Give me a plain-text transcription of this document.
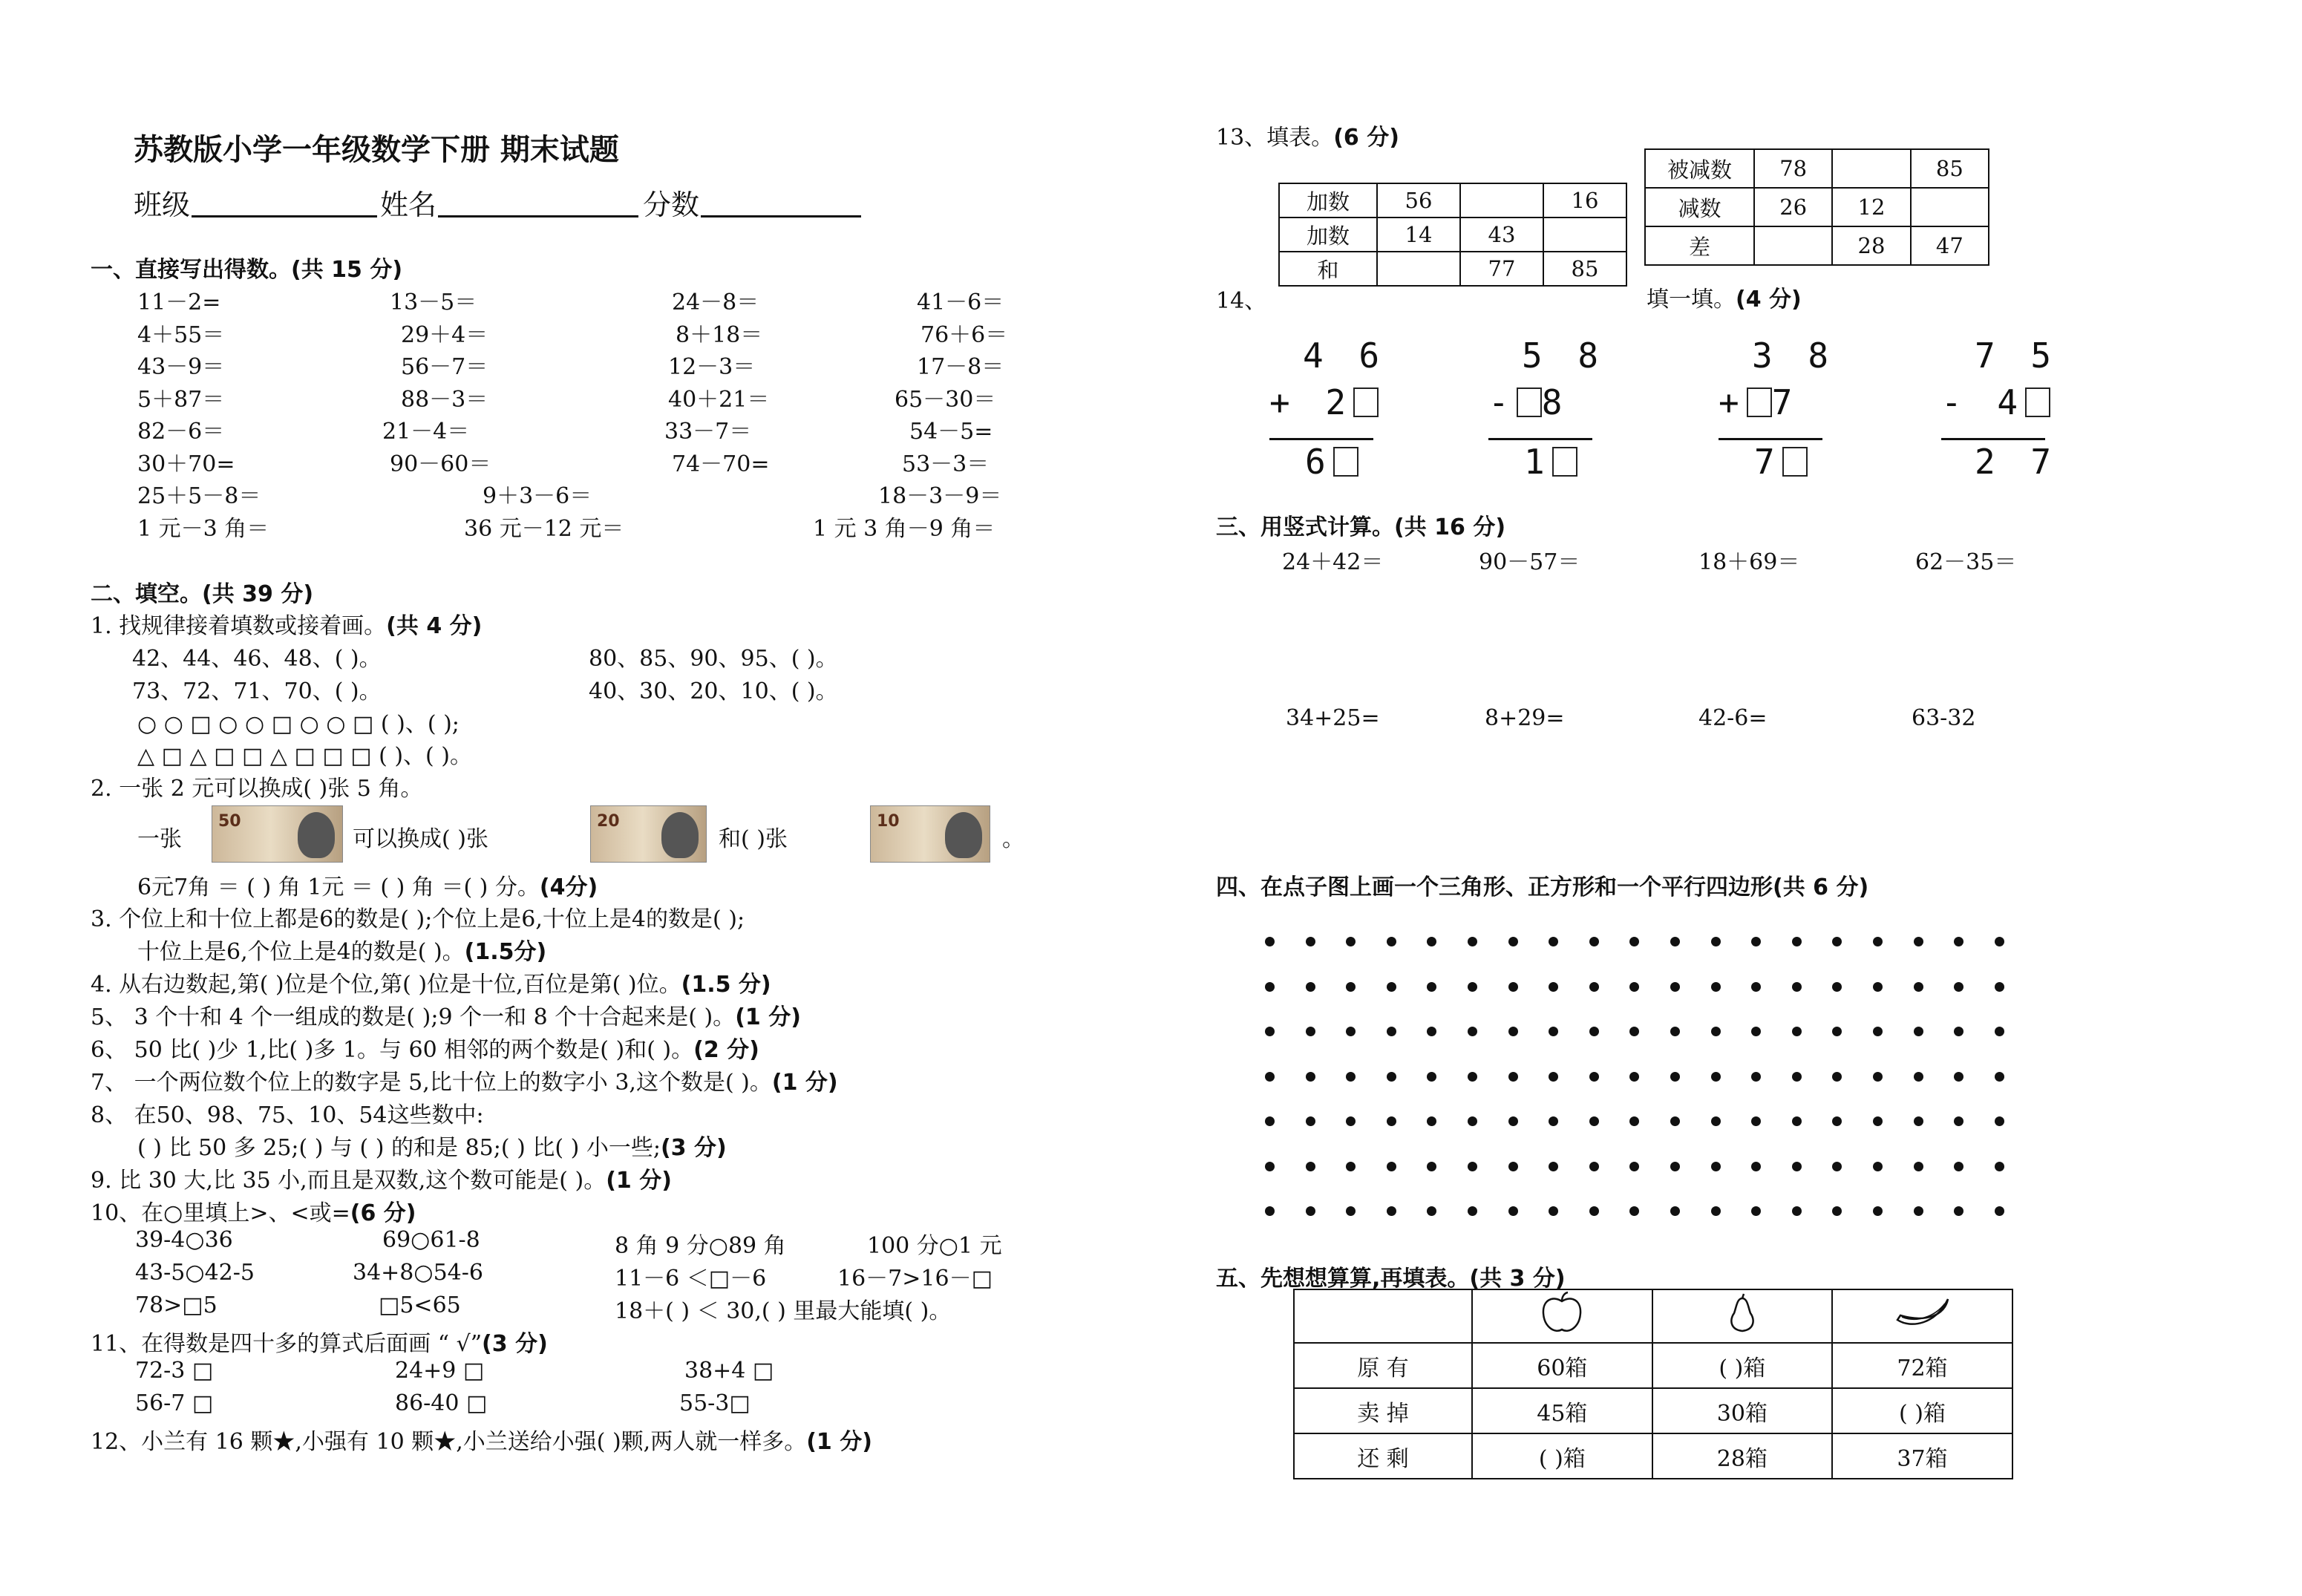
苏教版小学一年级数学下册 期末试题
班级	姓名	分数
一、直接写出得数。(共 15 分)
11－2=	13－5＝	24－8＝	41－6＝
4＋55＝	29＋4＝	8＋18＝	76＋6＝
43－9＝	56－7＝	12－3＝	17－8＝
5＋87＝	88－3＝	40＋21＝	65－30＝
82－6＝	21－4＝	33－7＝	54－5=
30＋70=	90－60＝	74－70=	53－3＝
25＋5－8＝	9＋3－6＝	18－3－9＝
1 元－3 角＝	36 元－12 元＝	1 元 3 角－9 角＝
二、填空。(共 39 分)
1. 找规律接着填数或接着画。(共 4 分)
42、44、46、48、( )。	80、85、90、95、( )。
73、72、71、70、( )。	40、30、20、10、( )。
○ ○ □ ○ ○ □ ○ ○ □ ( )、( );
△ □ △ □ □ △ □ □ □ ( )、( )。
2. 一张 2 元可以换成( )张 5 角。
一张
50
可以换成( )张
20
和( )张
10
。
6元7角 ＝ ( ) 角 1元 ＝ ( ) 角 ＝( ) 分。(4分)
3. 个位上和十位上都是6的数是( );个位上是6,十位上是4的数是( );
十位上是6,个位上是4的数是( )。(1.5分)
4. 从右边数起,第( )位是个位,第( )位是十位,百位是第( )位。(1.5 分)
5、 3 个十和 4 个一组成的数是( );9 个一和 8 个十合起来是( )。(1 分)
6、 50 比( )少 1,比( )多 1。与 60 相邻的两个数是( )和( )。(2 分)
7、 一个两位数个位上的数字是 5,比十位上的数字小 3,这个数是( )。(1 分)
8、 在50、98、75、10、54这些数中:
( ) 比 50 多 25;( ) 与 ( ) 的和是 85;( ) 比( ) 小一些;(3 分)
9. 比 30 大,比 35 小,而且是双数,这个数可能是( )。(1 分)
10、在○里填上>、<或=(6 分)
39-4○36	69○61-8	8 角 9 分○89 角	100 分○1 元
43-5○42-5	34+8○54-6	11－6 ＜□－6	16－7>16－□
78>□5	□5<65	18＋( ) ＜ 30,( ) 里最大能填( )。
11、在得数是四十多的算式后面画 “ √”(3 分)
72-3 □	24+9 □	38+4 □
56-7 □	86-40 □	55-3□
12、小兰有 16 颗★,小强有 10 颗★,小兰送给小强( )颗,两人就一样多。(1 分)
13、填表。(6 分)
加数	56		16
加数	14	43	
和		77	85
被减数	78		85
减数	26	12	
差		28	47
14、	填一填。(4 分)
4 6
+ 2
6
5 8
- 8
1
3 8
+ 7
7
7 5
- 4
2 7
三、用竖式计算。(共 16 分)
24＋42＝	90－57＝	18＋69＝	62－35＝
34+25=	8+29=	42-6=	63-32
四、在点子图上画一个三角形、正方形和一个平行四边形(共 6 分)
五、先想想算算,再填表。(共 3 分)

原 有	60箱	( )箱	72箱
卖 掉	45箱	30箱	( )箱
还 剩	( )箱	28箱	37箱
